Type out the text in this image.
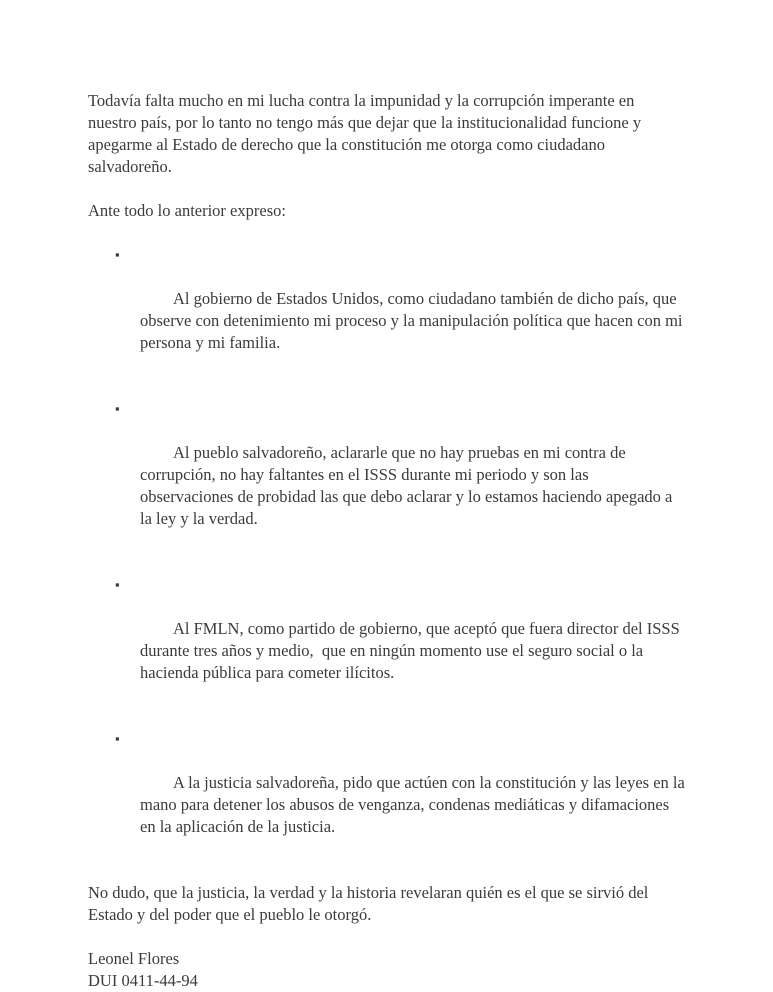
Todavía falta mucho en mi lucha contra la impunidad y la corrupción imperante en nuestro país, por lo tanto no tengo más que dejar que la institucionalidad funcione y apegarme al Estado de derecho que la constitución me otorga como ciudadano salvadoreño.

Ante todo lo anterior expreso:

▪

Al gobierno de Estados Unidos, como ciudadano también de dicho país, que observe con detenimiento mi proceso y la manipulación política que hacen con mi persona y mi familia.

▪

Al pueblo salvadoreño, aclararle que no hay pruebas en mi contra de corrupción, no hay faltantes en el ISSS durante mi periodo y son las observaciones de probidad las que debo aclarar y lo estamos haciendo apegado a la ley y la verdad.

▪

Al FMLN, como partido de gobierno, que aceptó que fuera director del ISSS durante tres años y medio,  que en ningún momento use el seguro social o la hacienda pública para cometer ilícitos.

▪

A la justicia salvadoreña, pido que actúen con la constitución y las leyes en la mano para detener los abusos de venganza, condenas mediáticas y difamaciones en la aplicación de la justicia.

No dudo, que la justicia, la verdad y la historia revelaran quién es el que se sirvió del Estado y del poder que el pueblo le otorgó.

Leonel Flores
DUI 0411-44-94
